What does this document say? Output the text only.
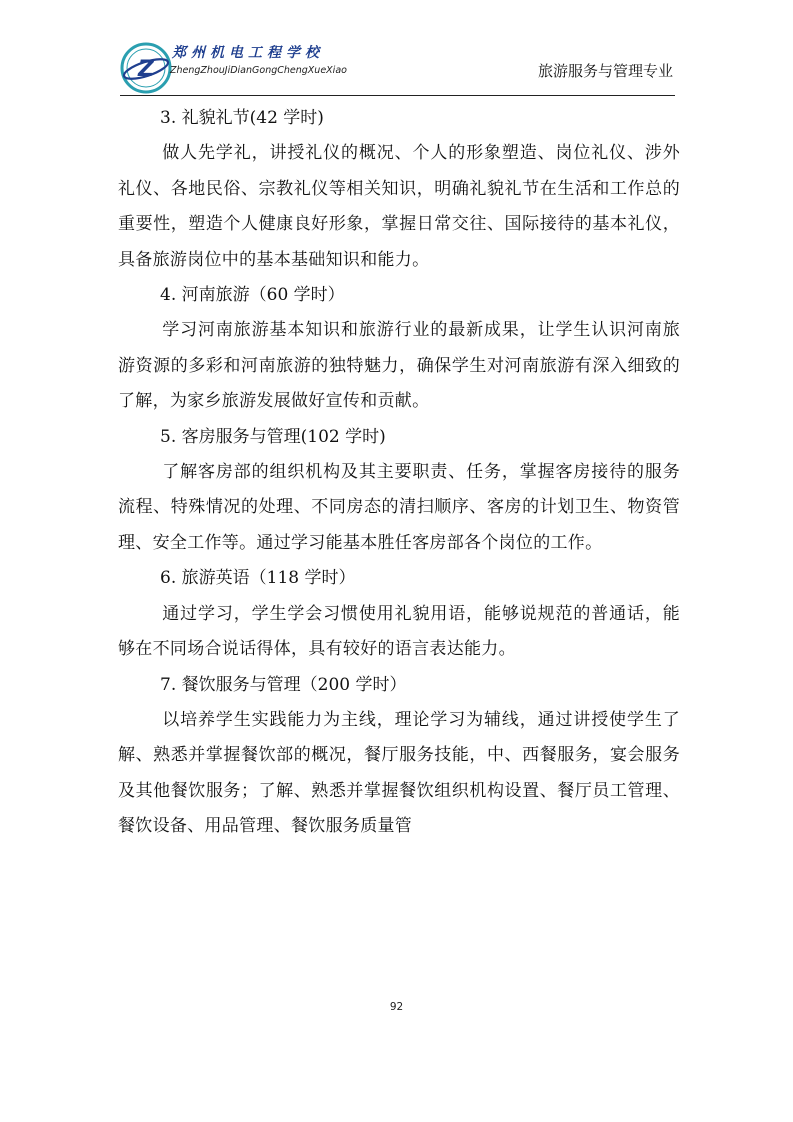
Z
郑州机电工程学校
ZhengZhouJiDianGongChengXueXiao	旅游服务与管理专业

3. 礼貌礼节(42 学时)

做人先学礼，讲授礼仪的概况、个人的形象塑造、岗位礼仪、涉外礼仪、各地民俗、宗教礼仪等相关知识，明确礼貌礼节在生活和工作总的重要性，塑造个人健康良好形象，掌握日常交往、国际接待的基本礼仪，具备旅游岗位中的基本基础知识和能力。

4. 河南旅游（60 学时）

学习河南旅游基本知识和旅游行业的最新成果，让学生认识河南旅游资源的多彩和河南旅游的独特魅力，确保学生对河南旅游有深入细致的了解，为家乡旅游发展做好宣传和贡献。

5. 客房服务与管理(102 学时)

了解客房部的组织机构及其主要职责、任务，掌握客房接待的服务流程、特殊情况的处理、不同房态的清扫顺序、客房的计划卫生、物资管理、安全工作等。通过学习能基本胜任客房部各个岗位的工作。

6. 旅游英语（118 学时）

通过学习，学生学会习惯使用礼貌用语，能够说规范的普通话，能够在不同场合说话得体，具有较好的语言表达能力。

7. 餐饮服务与管理（200 学时）

以培养学生实践能力为主线，理论学习为辅线，通过讲授使学生了解、熟悉并掌握餐饮部的概况，餐厅服务技能，中、西餐服务，宴会服务及其他餐饮服务；了解、熟悉并掌握餐饮组织机构设置、餐厅员工管理、餐饮设备、用品管理、餐饮服务质量管

92
